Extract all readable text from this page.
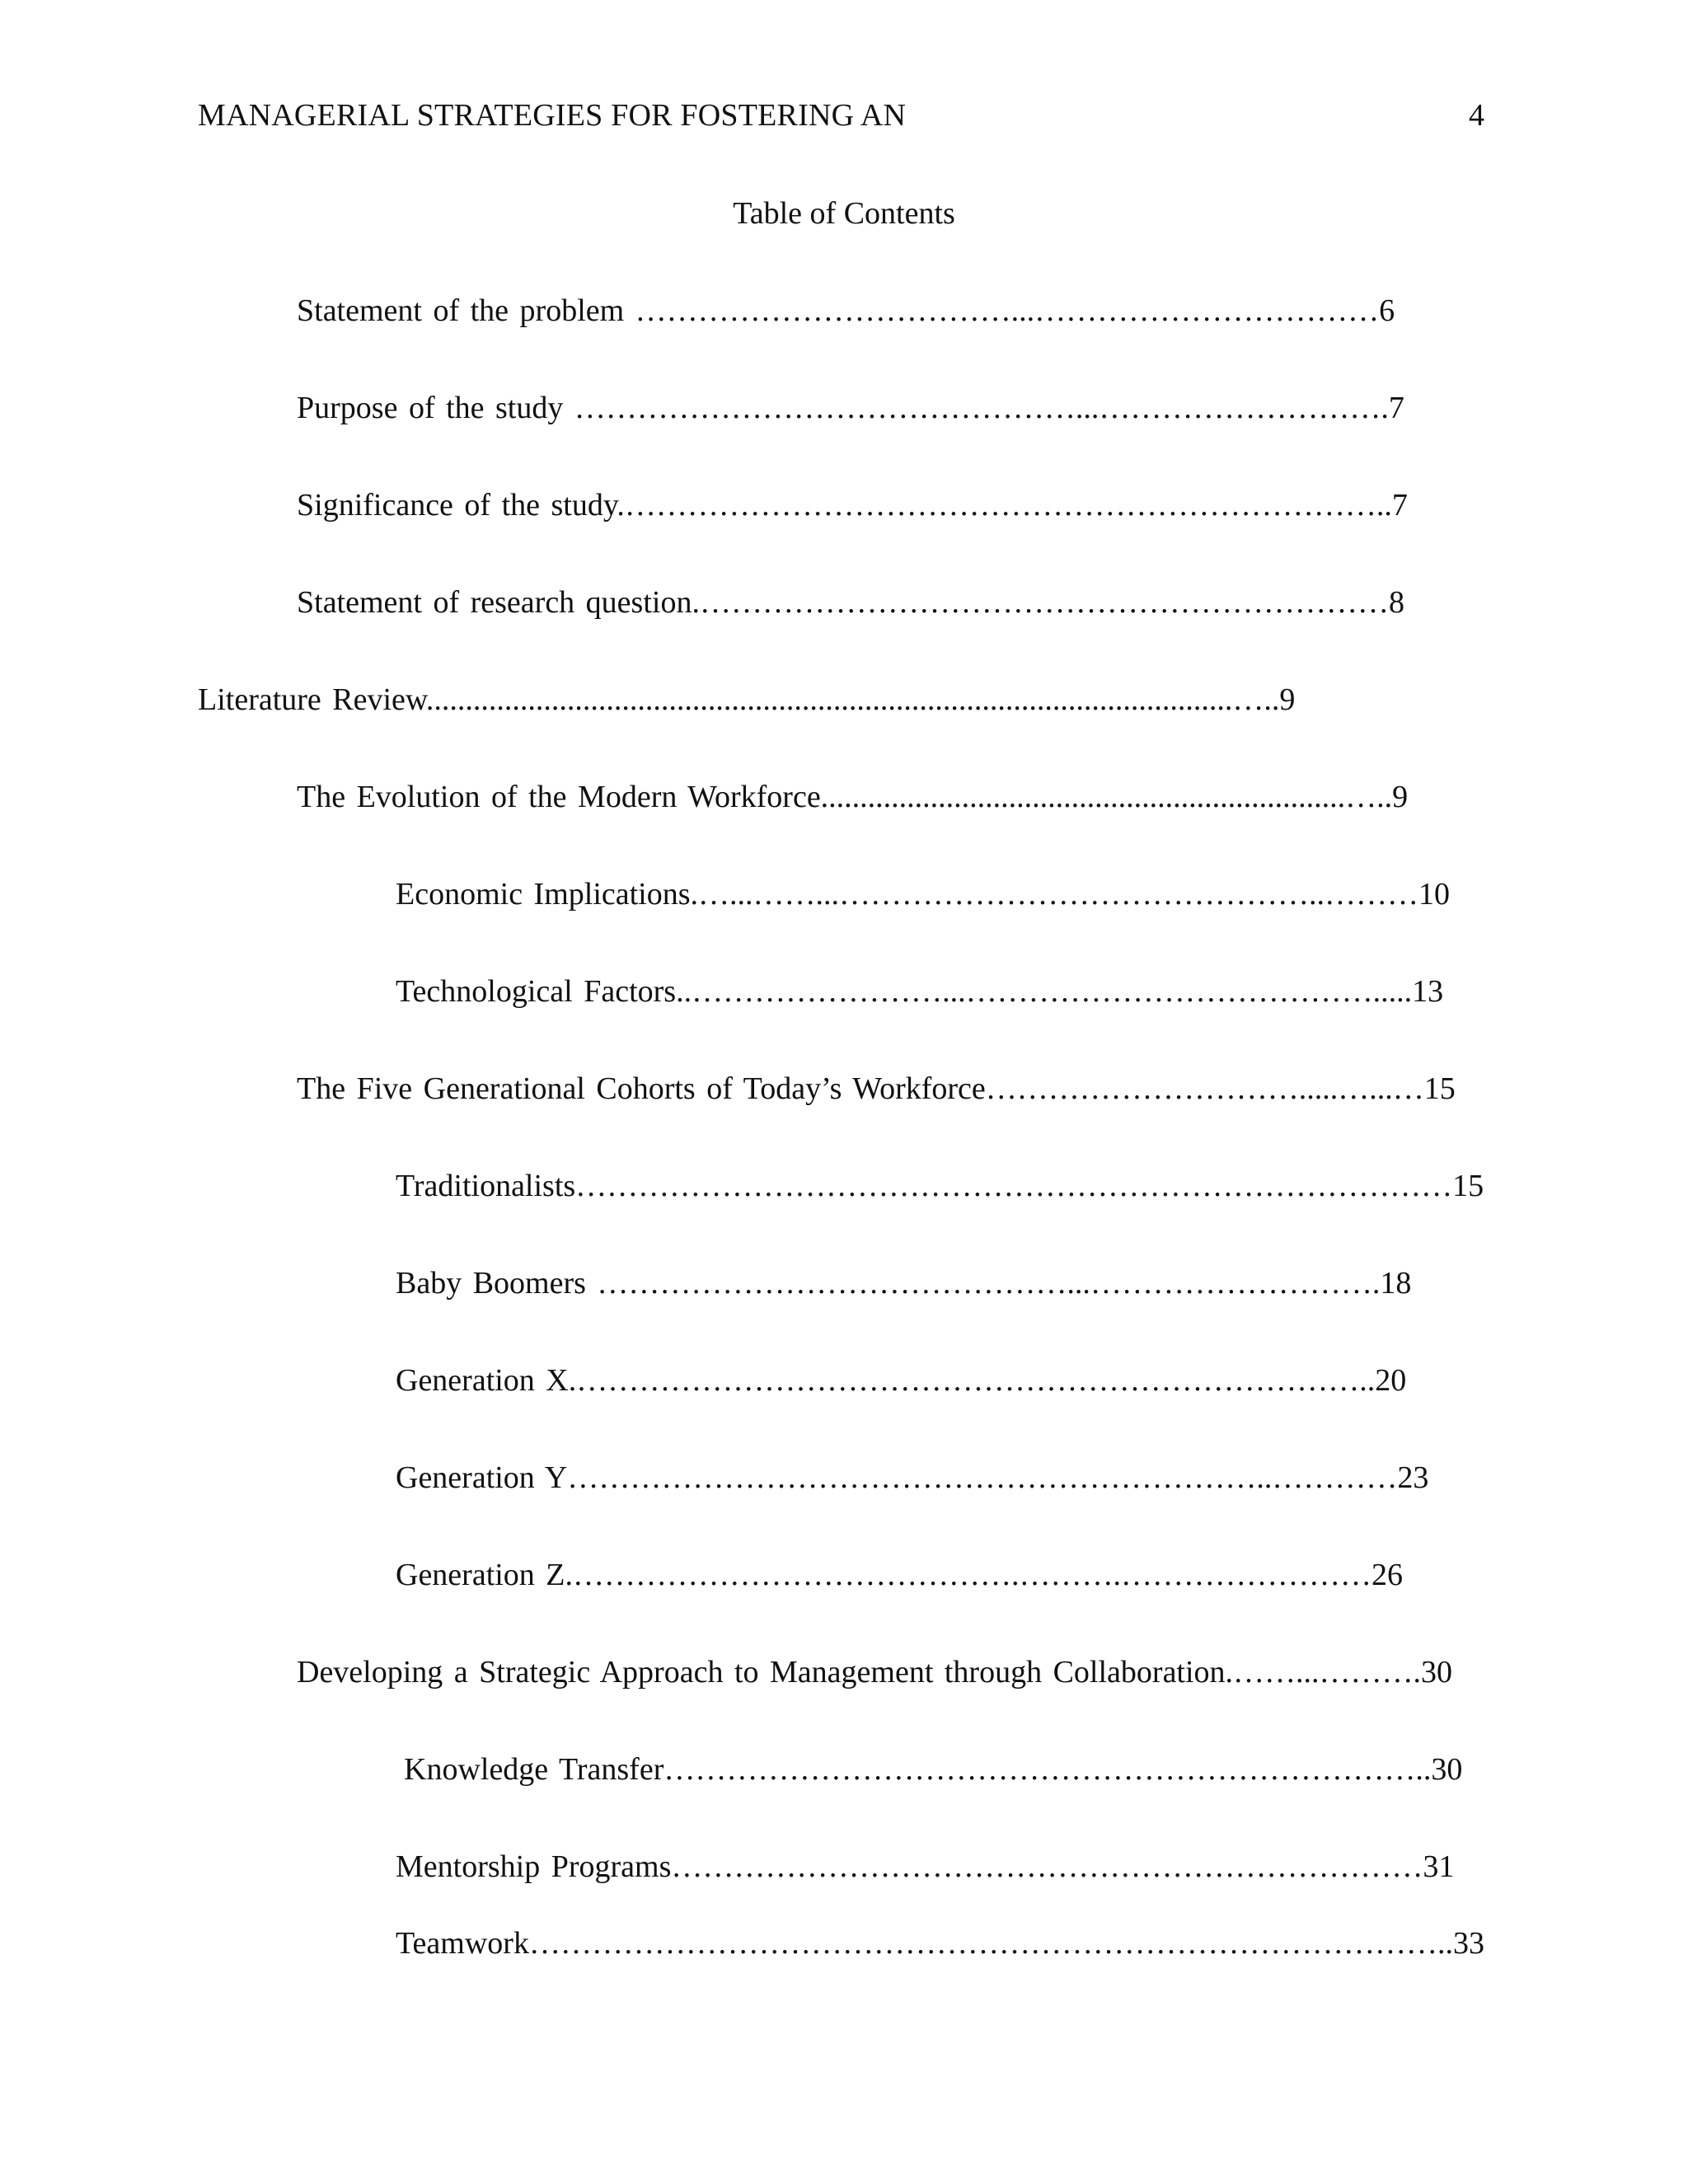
MANAGERIAL STRATEGIES FOR FOSTERING AN	4
Table of Contents
Statement of the problem ………………………………...……………………………6
Purpose of the study …………………………………………...……………………….7
Significance of the study.………………………………………………………………..7
Statement of research question.…………………………………………………………8
Literature Review.......................................................................................................…..9
The Evolution of the Modern Workforce...................................................................…..9
Economic Implications.…...……...………………………………………..………10
Technological Factors..……………………...………………………………….....13
The Five Generational Cohorts of Today’s Workforce………………………….....…...…15
Traditionalists…………………………………………………………………………15
Baby Boomers ………………………………………...……………………….18
Generation X.…………………………………………………………………..20
Generation Y…………………………………………………………..…………23
Generation Z.…………………………………….……….……………………26
Developing a Strategic Approach to Management through Collaboration.……...……….30
Knowledge Transfer………………………………………………………………..30
Mentorship Programs………………………………………………………………31
Teamwork……………………………………………………………………………..33
